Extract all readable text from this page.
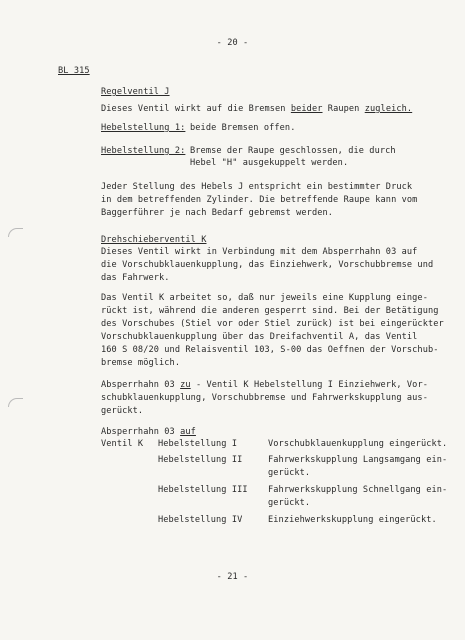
- 20 -
BL 315
Regelventil J
Dieses Ventil wirkt auf die Bremsen beider Raupen zugleich.
Hebelstellung 1: beide Bremsen offen.
Hebelstellung 2: Bremse der Raupe geschlossen, die durch
Hebel "H" ausgekuppelt werden.
Jeder Stellung des Hebels J entspricht ein bestimmter Druck
in dem betreffenden Zylinder. Die betreffende Raupe kann vom
Baggerführer je nach Bedarf gebremst werden.
Drehschieberventil K
Dieses Ventil wirkt in Verbindung mit dem Absperrhahn 03 auf
die Vorschubklauenkupplung, das Einziehwerk, Vorschubbremse und
das Fahrwerk.
Das Ventil K arbeitet so, daß nur jeweils eine Kupplung einge-
rückt ist, während die anderen gesperrt sind. Bei der Betätigung
des Vorschubes (Stiel vor oder Stiel zurück) ist bei eingerückter
Vorschubklauenkupplung über das Dreifachventil A, das Ventil
160 S 08/20 und Relaisventil 103, S-00 das Oeffnen der Vorschub-
bremse möglich.
Absperrhahn 03 zu - Ventil K Hebelstellung I Einziehwerk, Vor-
schubklauenkupplung, Vorschubbremse und Fahrwerkskupplung aus-
gerückt.
Absperrhahn 03 auf
Ventil K Hebelstellung I	Vorschubklauenkupplung eingerückt.
Hebelstellung II	Fahrwerkskupplung Langsamgang ein-
gerückt.
Hebelstellung III Fahrwerkskupplung Schnellgang ein-
gerückt.
Hebelstellung IV	Einziehwerkskupplung eingerückt.
- 21 -
